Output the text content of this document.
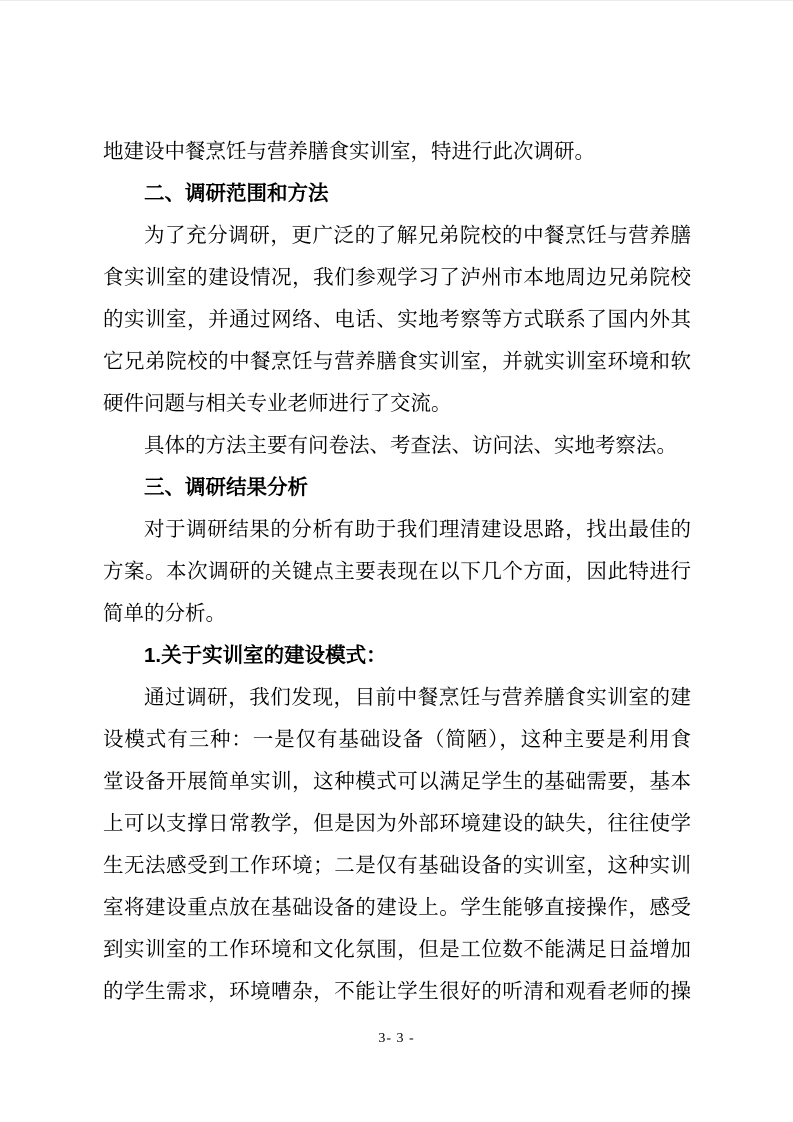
地建设中餐烹饪与营养膳食实训室，特进行此次调研。
二、调研范围和方法
为了充分调研，更广泛的了解兄弟院校的中餐烹饪与营养膳
食实训室的建设情况，我们参观学习了泸州市本地周边兄弟院校
的实训室，并通过网络、电话、实地考察等方式联系了国内外其
它兄弟院校的中餐烹饪与营养膳食实训室，并就实训室环境和软
硬件问题与相关专业老师进行了交流。
具体的方法主要有问卷法、考查法、访问法、实地考察法。
三、调研结果分析
对于调研结果的分析有助于我们理清建设思路，找出最佳的
方案。本次调研的关键点主要表现在以下几个方面，因此特进行
简单的分析。
1.关于实训室的建设模式：
通过调研，我们发现，目前中餐烹饪与营养膳食实训室的建
设模式有三种：一是仅有基础设备（简陋），这种主要是利用食
堂设备开展简单实训，这种模式可以满足学生的基础需要，基本
上可以支撑日常教学，但是因为外部环境建设的缺失，往往使学
生无法感受到工作环境；二是仅有基础设备的实训室，这种实训
室将建设重点放在基础设备的建设上。学生能够直接操作，感受
到实训室的工作环境和文化氛围，但是工位数不能满足日益增加
的学生需求，环境嘈杂，不能让学生很好的听清和观看老师的操
3- 3 -
